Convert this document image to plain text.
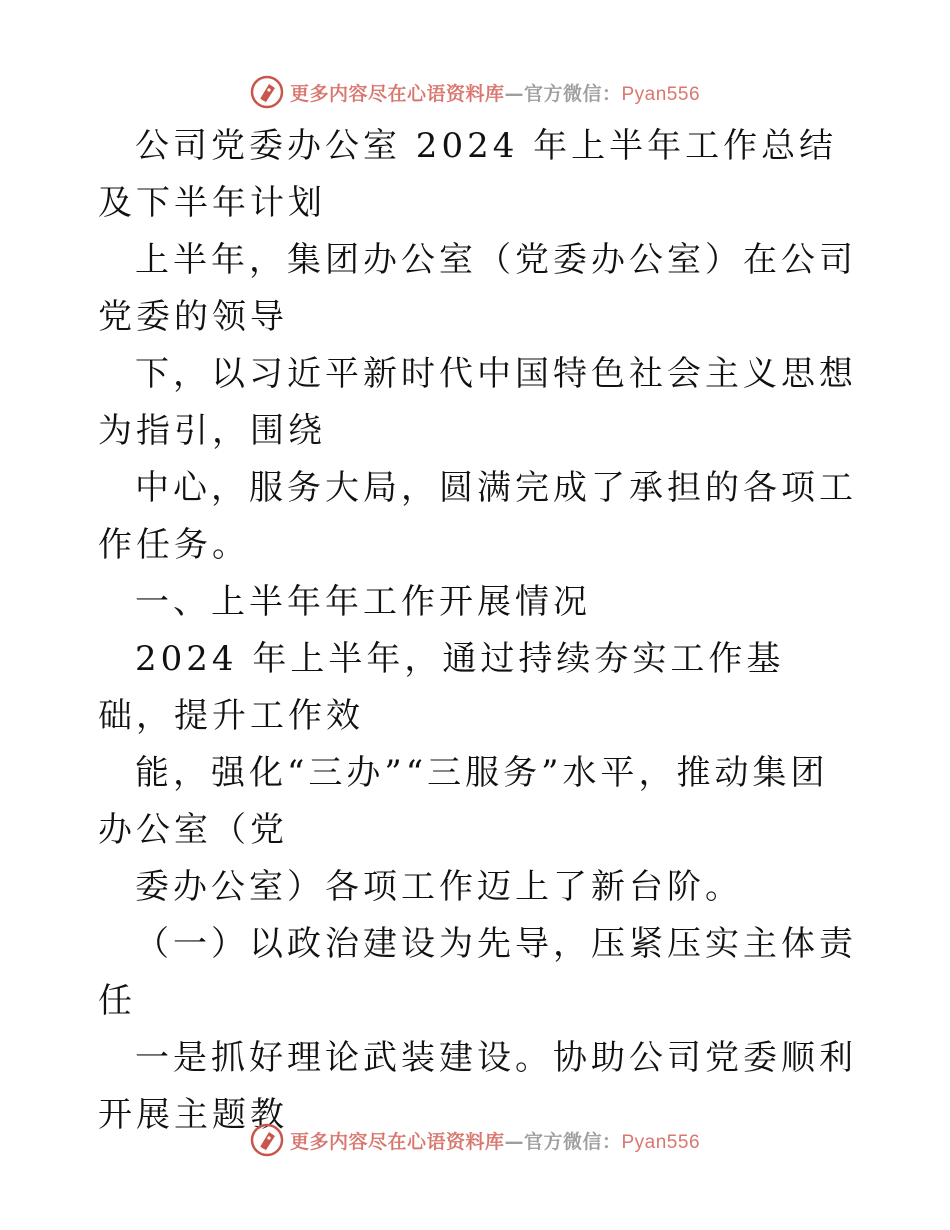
更多内容尽在心语资料库—官方微信：Pyan556

公司党委办公室 2024 年上半年工作总结及下半年计划

上半年，集团办公室（党委办公室）在公司党委的领导

下，以习近平新时代中国特色社会主义思想为指引，围绕

中心，服务大局，圆满完成了承担的各项工作任务。

一、上半年年工作开展情况

2024 年上半年，通过持续夯实工作基础，提升工作效

能，强化“三办”“三服务”水平，推动集团办公室（党

委办公室）各项工作迈上了新台阶。

（一）以政治建设为先导，压紧压实主体责任

一是抓好理论武装建设。协助公司党委顺利开展主题教

更多内容尽在心语资料库—官方微信：Pyan556
